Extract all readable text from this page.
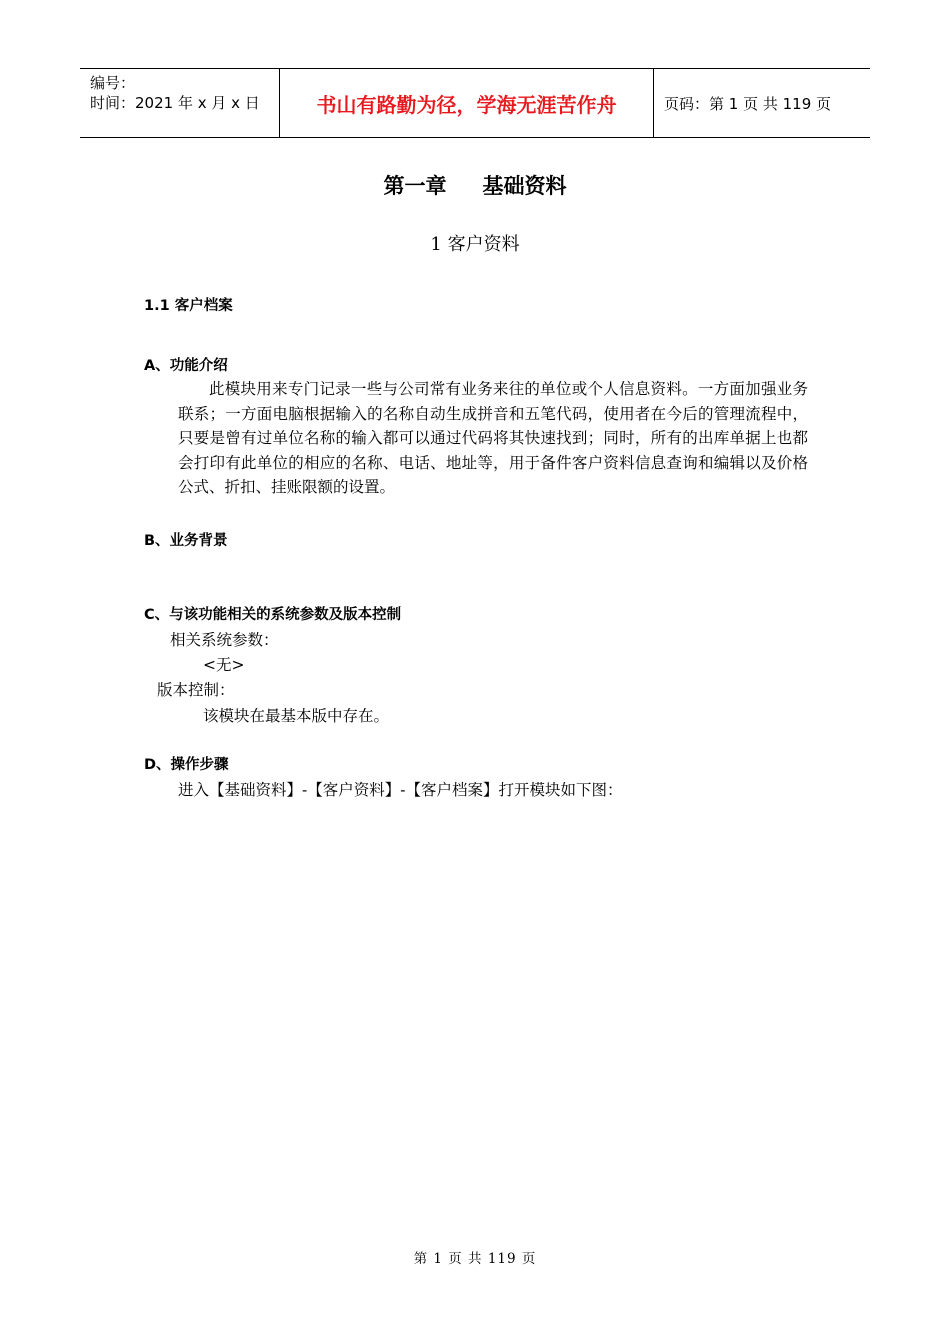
编号：
时间：2021 年 x 月 x 日	书山有路勤为径，学海无涯苦作舟	页码：第 1 页 共 119 页
第一章 基础资料
1 客户资料
1.1 客户档案
A、功能介绍
此模块用来专门记录一些与公司常有业务来往的单位或个人信息资料。一方面加强业务联系；一方面电脑根据输入的名称自动生成拼音和五笔代码，使用者在今后的管理流程中，只要是曾有过单位名称的输入都可以通过代码将其快速找到；同时，所有的出库单据上也都会打印有此单位的相应的名称、电话、地址等，用于备件客户资料信息查询和编辑以及价格公式、折扣、挂账限额的设置。
B、业务背景
C、与该功能相关的系统参数及版本控制
相关系统参数：
<无>
版本控制：
该模块在最基本版中存在。
D、操作步骤
进入【基础资料】-【客户资料】-【客户档案】打开模块如下图：
第 1 页 共 119 页
